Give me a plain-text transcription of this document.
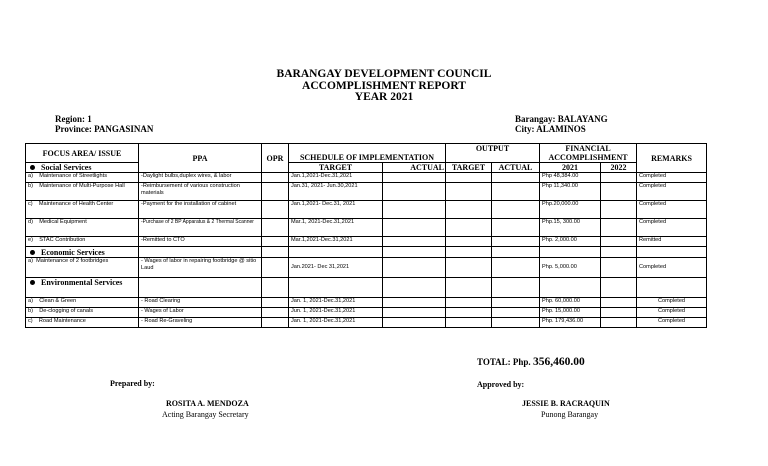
BARANGAY DEVELOPMENT COUNCIL
ACCOMPLISHMENT REPORT
YEAR 2021
Region: 1
Province: PANGASINAN
Barangay: BALAYANG
City: ALAMINOS
FOCUS AREA/ ISSUE	PPA	OPR	SCHEDULE OF IMPLEMENTATION		OUTPUT		FINANCIAL ACCOMPLISHMENT		REMARKS
Social Services			TARGET	ACTUAL	TARGET	ACTUAL	2021	2022	
a) Maintenance of Streetlights	-Daylight bulbs,duplex wires, & labor		Jan.1,2021-Dec.31,2021				Php 48,384.00		Completed
b) Maintenance of Multi-Purpose Hall	-Reimbursement of various construction materials		Jan.31, 2021- Jun.30,2021				Php 11,340.00		Completed
c) Maintenance of Health Center	-Payment for the installation of cabinet		Jan.1,2021- Dec.31, 2021				Php.20,000.00		Completed
d) Medical Equipment	-Purchase of 2 BP Apparatus & 2 Thermal Scanner		Mar.1, 2021-Dec.31,2021				Php.15, 300.00		Completed
e) STAC Contribution	-Remitted to CTO		Mar.1,2021-Dec.31,2021				Php. 2,000.00		Remitted
Economic Services									
a) Maintenance of 2 footbridges	- Wages of labor in repairing footbridge @ sitio Laud		Jan.2021- Dec 31,2021				Php. 5,000.00		Completed
Environmental Services									
a) Clean & Green	- Road Clearing		Jan. 1, 2021-Dec.31,2021				Php. 60,000.00		Completed
b) De-clogging of canals	- Wages of Labor		Jun. 1, 2021-Dec.31,2021				Php. 15,000.00		Completed
c) Road Maintenance	- Road Re-Graveling		Jan. 1, 2021-Dec.31,2021				Php. 179,436.00		Completed
TOTAL: Php. 356,460.00
Prepared by:
ROSITA A. MENDOZA
Acting Barangay Secretary
Approved by:
JESSIE B. RACRAQUIN
Punong Barangay
